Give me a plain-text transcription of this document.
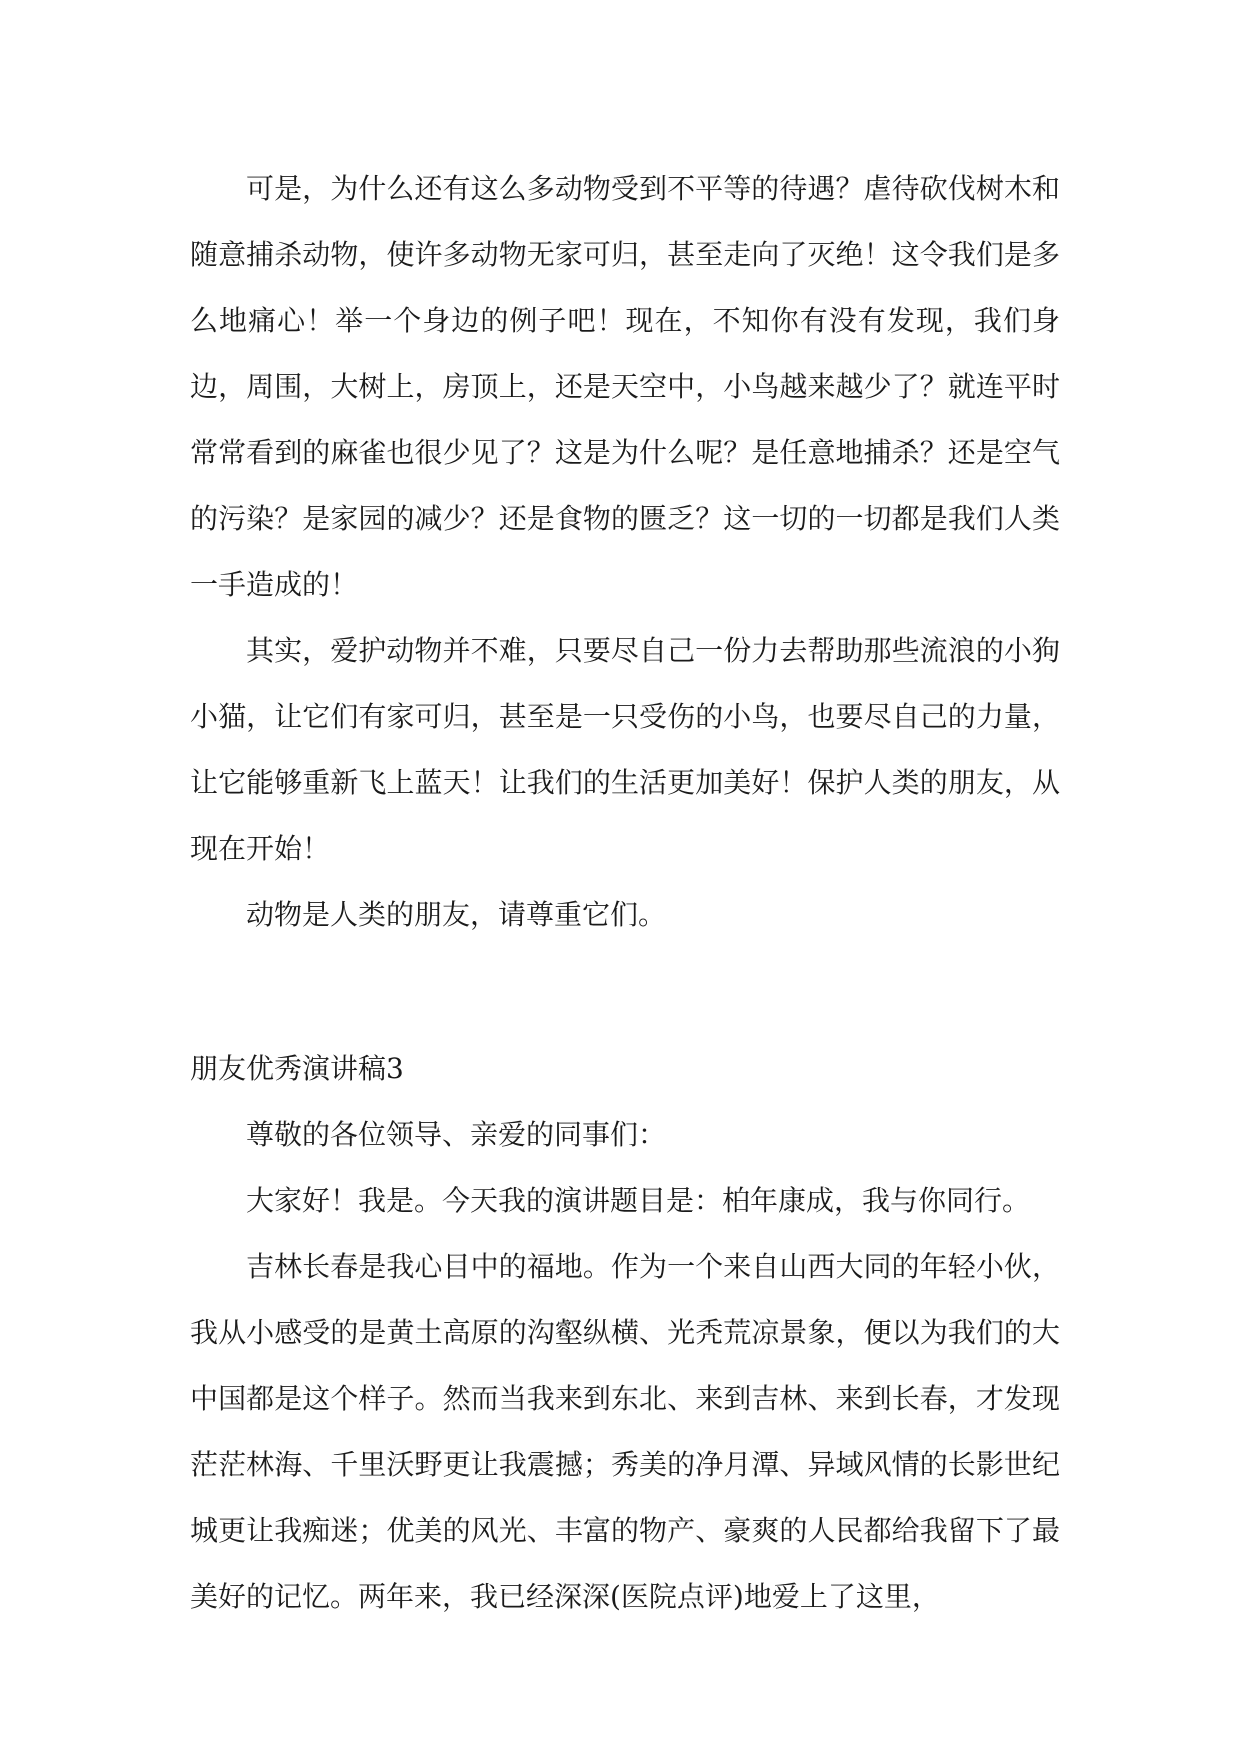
可是，为什么还有这么多动物受到不平等的待遇？虐待砍伐树木和随意捕杀动物，使许多动物无家可归，甚至走向了灭绝！这令我们是多么地痛心！举一个身边的例子吧！现在，不知你有没有发现，我们身边，周围，大树上，房顶上，还是天空中，小鸟越来越少了？就连平时常常看到的麻雀也很少见了？这是为什么呢？是任意地捕杀？还是空气的污染？是家园的减少？还是食物的匮乏？这一切的一切都是我们人类一手造成的！

其实，爱护动物并不难，只要尽自己一份力去帮助那些流浪的小狗小猫，让它们有家可归，甚至是一只受伤的小鸟，也要尽自己的力量，让它能够重新飞上蓝天！让我们的生活更加美好！保护人类的朋友，从现在开始！

动物是人类的朋友，请尊重它们。

朋友优秀演讲稿3

尊敬的各位领导、亲爱的同事们：

大家好！我是。今天我的演讲题目是：柏年康成，我与你同行。

吉林长春是我心目中的福地。作为一个来自山西大同的年轻小伙，我从小感受的是黄土高原的沟壑纵横、光秃荒凉景象，便以为我们的大中国都是这个样子。然而当我来到东北、来到吉林、来到长春，才发现茫茫林海、千里沃野更让我震撼；秀美的净月潭、异域风情的长影世纪城更让我痴迷；优美的风光、丰富的物产、豪爽的人民都给我留下了最美好的记忆。两年来，我已经深深(医院点评)地爱上了这里，
